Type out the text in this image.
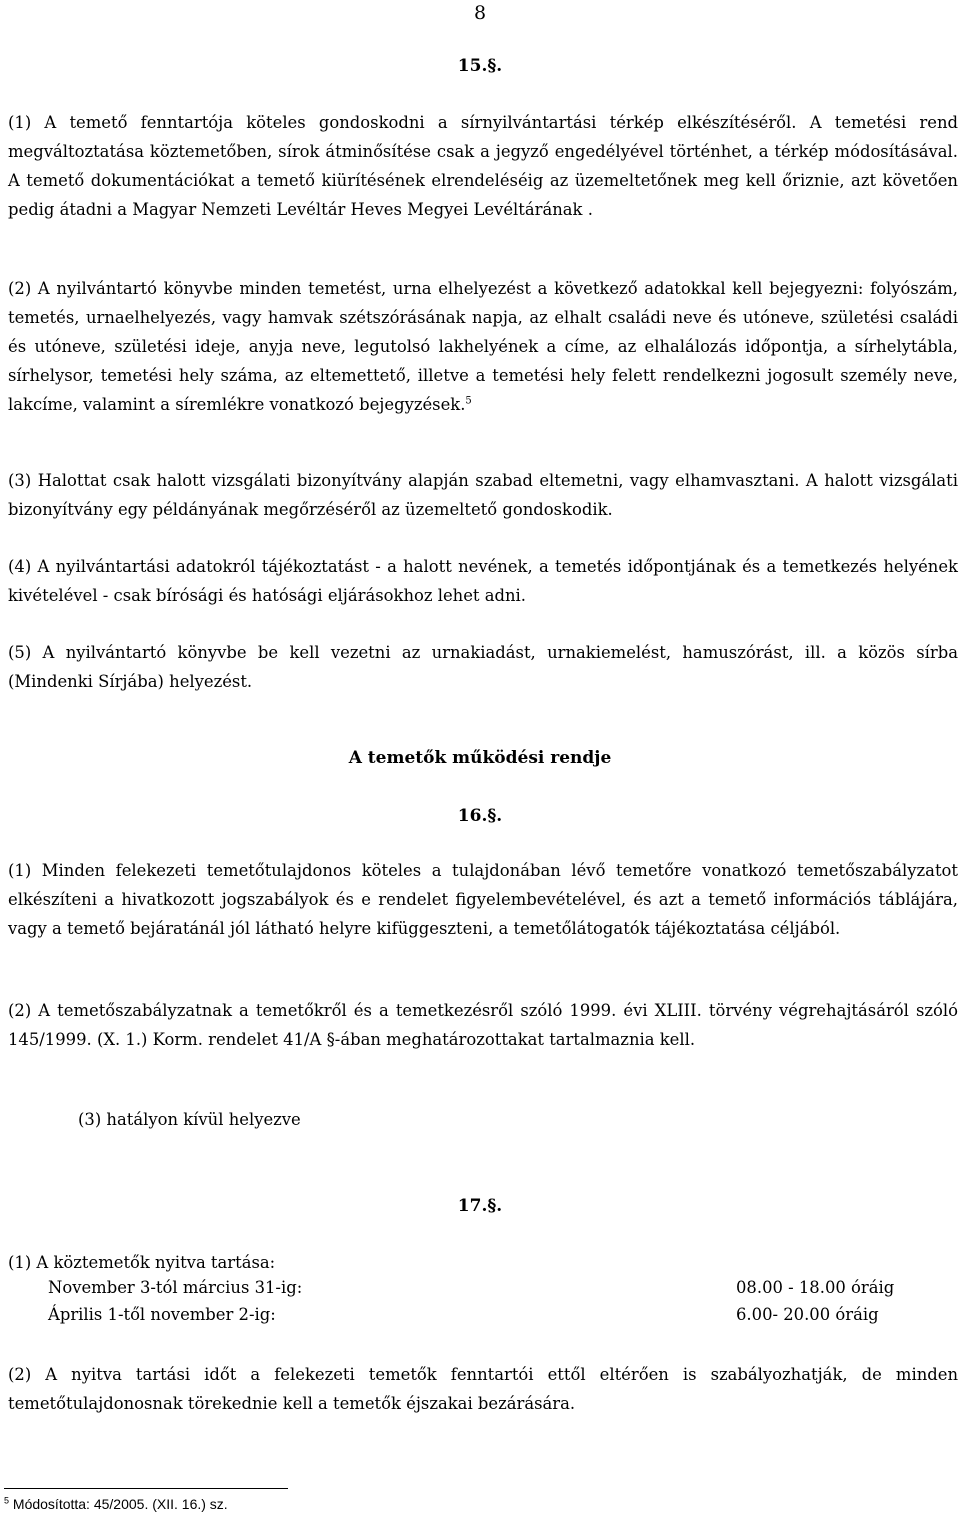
8
15.§.

(1) A temető fenntartója köteles gondoskodni a sírnyilvántartási térkép elkészítéséről. A temetési rend megváltoztatása köztemetőben, sírok átminősítése csak a jegyző engedélyével történhet, a térkép módosításával. A temető dokumentációkat a temető kiürítésének elrendeléséig az üzemeltetőnek meg kell őriznie, azt követően pedig átadni a Magyar Nemzeti Levéltár Heves Megyei Levéltárának .

(2) A nyilvántartó könyvbe minden temetést, urna elhelyezést a következő adatokkal kell bejegyezni: folyószám, temetés, urnaelhelyezés, vagy hamvak szétszórásának napja, az elhalt családi neve és utóneve, születési családi és utóneve, születési ideje, anyja neve, legutolsó lakhelyének a címe, az elhalálozás időpontja, a sírhelytábla, sírhelysor, temetési hely száma, az eltemettető, illetve a temetési hely felett rendelkezni jogosult személy neve, lakcíme, valamint a síremlékre vonatkozó bejegyzések.$^5$

(3) Halottat csak halott vizsgálati bizonyítvány alapján szabad eltemetni, vagy elhamvasztani. A halott vizsgálati bizonyítvány egy példányának megőrzéséről az üzemeltető gondoskodik.

(4) A nyilvántartási adatokról tájékoztatást - a halott nevének, a temetés időpontjának és a temetkezés helyének kivételével - csak bírósági és hatósági eljárásokhoz lehet adni.

(5) A nyilvántartó könyvbe be kell vezetni az urnakiadást, urnakiemelést, hamuszórást, ill. a közös sírba (Mindenki Sírjába) helyezést.

A temetők működési rendje
16.§.

(1) Minden felekezeti temetőtulajdonos köteles a tulajdonában lévő temetőre vonatkozó temetőszabályzatot elkészíteni a hivatkozott jogszabályok és e rendelet figyelembevételével, és azt a temető információs táblájára, vagy a temető bejáratánál jól látható helyre kifüggeszteni, a temetőlátogatók tájékoztatása céljából.

(2) A temetőszabályzatnak a temetőkről és a temetkezésről szóló 1999. évi XLIII. törvény végrehajtásáról szóló 145/1999. (X. 1.) Korm. rendelet 41/A §-ában meghatározottakat tartalmaznia kell.

(3) hatályon kívül helyezve
17.§.
(1) A köztemetők nyitva tartása:
November 3-tól március 31-ig:	08.00 - 18.00 óráig
Április 1-től november 2-ig:	6.00- 20.00 óráig

(2) A nyitva tartási időt a felekezeti temetők fenntartói ettől eltérően is szabályozhatják, de minden temetőtulajdonosnak törekednie kell a temetők éjszakai bezárására.

$^5$ Módosította: 45/2005. (XII. 16.) sz.
